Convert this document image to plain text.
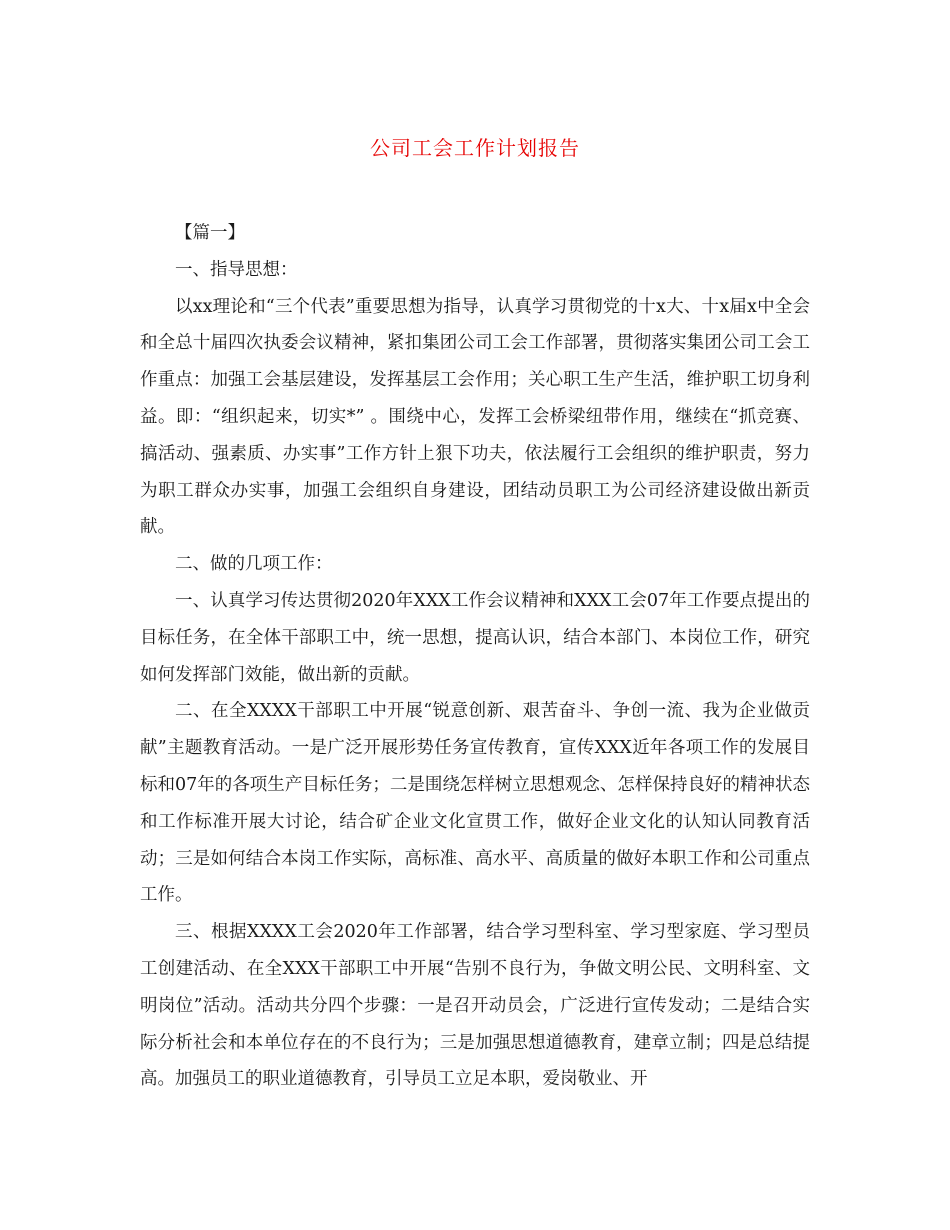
公司工会工作计划报告

【篇一】

一、指导思想：

以xx理论和“三个代表”重要思想为指导，认真学习贯彻党的十x大、十x届x中全会和全总十届四次执委会议精神，紧扣集团公司工会工作部署，贯彻落实集团公司工会工作重点：加强工会基层建设，发挥基层工会作用；关心职工生产生活，维护职工切身利益。即：“组织起来，切实*” 。围绕中心，发挥工会桥梁纽带作用，继续在“抓竞赛、搞活动、强素质、办实事”工作方针上狠下功夫，依法履行工会组织的维护职责，努力为职工群众办实事，加强工会组织自身建设，团结动员职工为公司经济建设做出新贡献。

二、做的几项工作：

一、认真学习传达贯彻2020年XXX工作会议精神和XXX工会07年工作要点提出的目标任务，在全体干部职工中，统一思想，提高认识，结合本部门、本岗位工作，研究如何发挥部门效能，做出新的贡献。

二、在全XXXX干部职工中开展“锐意创新、艰苦奋斗、争创一流、我为企业做贡献”主题教育活动。一是广泛开展形势任务宣传教育，宣传XXX近年各项工作的发展目标和07年的各项生产目标任务；二是围绕怎样树立思想观念、怎样保持良好的精神状态和工作标准开展大讨论，结合矿企业文化宣贯工作，做好企业文化的认知认同教育活动；三是如何结合本岗工作实际，高标准、高水平、高质量的做好本职工作和公司重点工作。

三、根据XXXX工会2020年工作部署，结合学习型科室、学习型家庭、学习型员工创建活动、在全XXX干部职工中开展“告别不良行为，争做文明公民、文明科室、文明岗位”活动。活动共分四个步骤：一是召开动员会，广泛进行宣传发动；二是结合实际分析社会和本单位存在的不良行为；三是加强思想道德教育，建章立制；四是总结提高。加强员工的职业道德教育，引导员工立足本职，爱岗敬业、开
